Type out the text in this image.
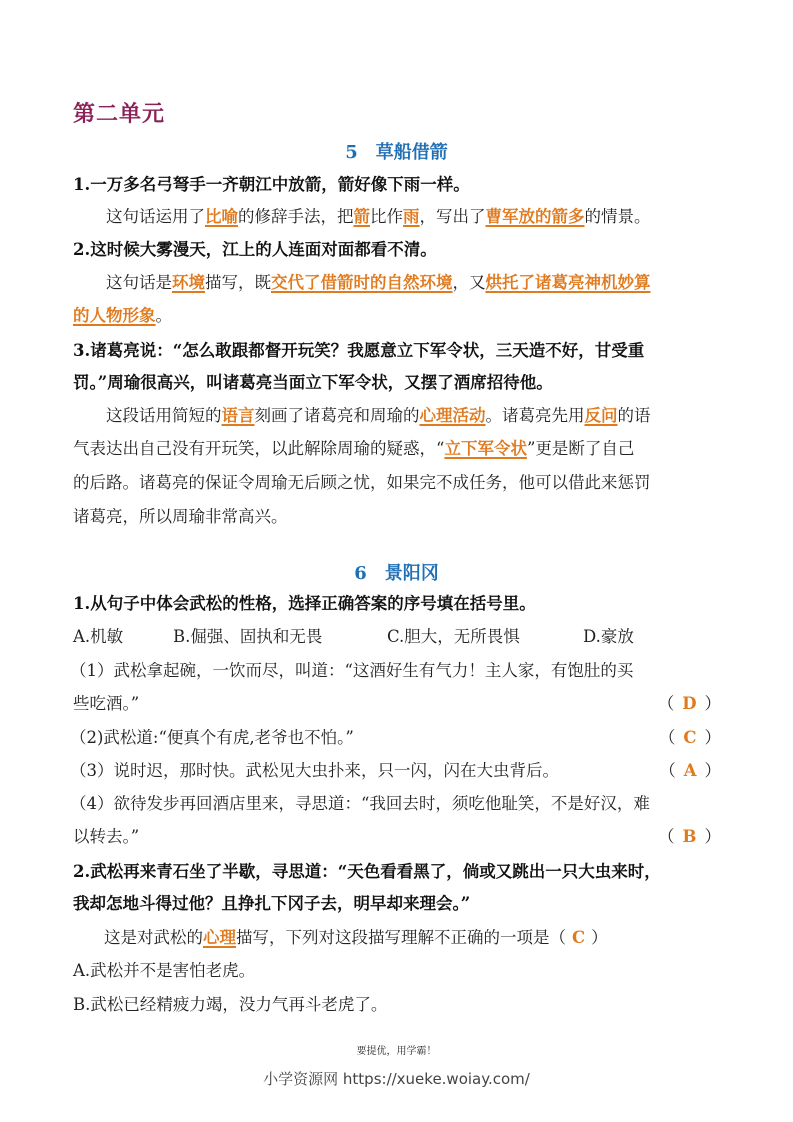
第二单元
5　草船借箭

1.一万多名弓弩手一齐朝江中放箭，箭好像下雨一样。

这句话运用了比喻的修辞手法，把箭比作雨，写出了曹军放的箭多的情景。

2.这时候大雾漫天，江上的人连面对面都看不清。

这句话是环境描写，既交代了借箭时的自然环境，又烘托了诸葛亮神机妙算

的人物形象。

3.诸葛亮说：“怎么敢跟都督开玩笑？我愿意立下军令状，三天造不好，甘受重

罚。”周瑜很高兴，叫诸葛亮当面立下军令状，又摆了酒席招待他。

这段话用简短的语言刻画了诸葛亮和周瑜的心理活动。诸葛亮先用反问的语

气表达出自己没有开玩笑，以此解除周瑜的疑惑，“立下军令状”更是断了自己

的后路。诸葛亮的保证令周瑜无后顾之忧，如果完不成任务，他可以借此来惩罚

诸葛亮，所以周瑜非常高兴。

6　景阳冈

1.从句子中体会武松的性格，选择正确答案的序号填在括号里。

A.机敏	B.倔强、固执和无畏	C.胆大，无所畏惧	D.豪放

（1）武松拿起碗，一饮而尽，叫道：“这酒好生有气力！主人家，有饱肚的买

些吃酒。”	（ D ）

（2)武松道:“便真个有虎,老爷也不怕。”	（ C ）

（3）说时迟，那时快。武松见大虫扑来，只一闪，闪在大虫背后。	（ A ）

（4）欲待发步再回酒店里来，寻思道：“我回去时，须吃他耻笑，不是好汉，难

以转去。”	（ B ）

2.武松再来青石坐了半歇，寻思道：“天色看看黑了，倘或又跳出一只大虫来时，

我却怎地斗得过他？且挣扎下冈子去，明早却来理会。”

这是对武松的心理描写，下列对这段描写理解不正确的一项是（ C ）

A.武松并不是害怕老虎。

B.武松已经精疲力竭，没力气再斗老虎了。

要提优，用学霸！
小学资源网 https://xueke.woiay.com/
